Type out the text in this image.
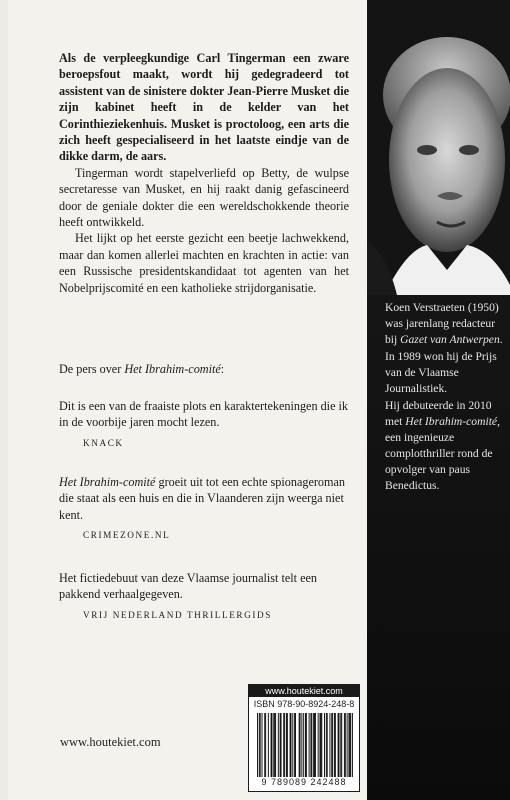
Als de verpleegkundige Carl Tingerman een zware beroepsfout maakt, wordt hij gedegradeerd tot assistent van de sinistere dokter Jean-Pierre Musket die zijn kabinet heeft in de kelder van het Corinthieziekenhuis. Musket is proctoloog, een arts die zich heeft gespecialiseerd in het laatste eindje van de dikke darm, de aars.

Tingerman wordt stapelverliefd op Betty, de wulpse secretaresse van Musket, en hij raakt danig gefascineerd door de geniale dokter die een wereldschokkende theorie heeft ontwikkeld.

Het lijkt op het eerste gezicht een beetje lachwekkend, maar dan komen allerlei machten en krachten in actie: van een Russische presidentskandidaat tot agenten van het Nobelprijscomité en een katholieke strijdorganisatie.

De pers over Het Ibrahim-comité:

Dit is een van de fraaiste plots en karaktertekeningen die ik in de voorbije jaren mocht lezen.

KNACK

Het Ibrahim-comité groeit uit tot een echte spionageroman die staat als een huis en die in Vlaanderen zijn weerga niet kent.

CRIMEZONE.NL

Het fictiedebuut van deze Vlaamse journalist telt een pakkend verhaalgegeven.

VRIJ NEDERLAND THRILLERGIDS

Koen Verstraeten (1950) was jarenlang redacteur bij Gazet van Antwerpen.

In 1989 won hij de Prijs van de Vlaamse Journalistiek.

Hij debuteerde in 2010 met Het Ibrahim-comité, een ingenieuze complotthriller rond de opvolger van paus Benedictus.

www.houtekiet.com
www.houtekiet.com
ISBN 978-90-8924-248-8
9 789089 242488
